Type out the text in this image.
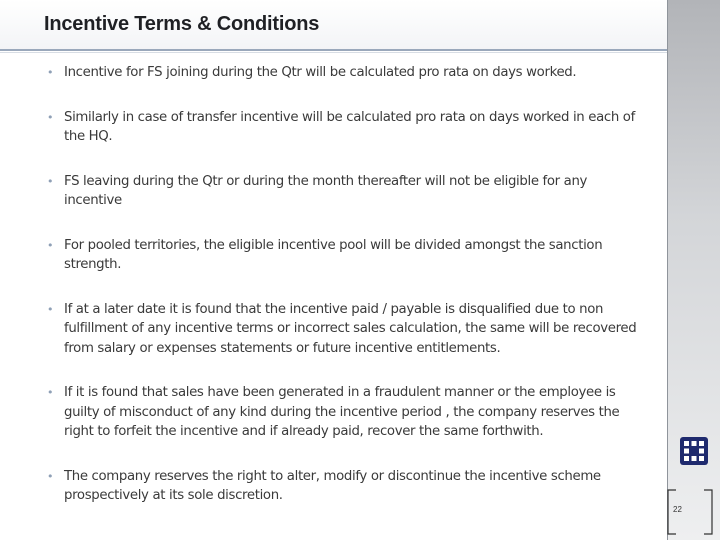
Incentive Terms & Conditions
• Incentive for FS joining during the Qtr will be calculated pro rata on days worked.
• Similarly in case of transfer incentive will be calculated pro rata on days worked in each of the HQ.
• FS leaving during the Qtr or during the month thereafter will not be eligible for any incentive
• For pooled territories, the eligible incentive pool will be divided amongst the sanction strength.
• If at a later date it is found that the incentive paid / payable is disqualified due to non fulfillment of any incentive terms or incorrect sales calculation, the same will be recovered from salary or expenses statements or future incentive entitlements.
• If it is found that sales have been generated in a fraudulent manner or the employee is guilty of misconduct of any kind during the incentive period , the company reserves the right to forfeit the incentive and if already paid, recover the same forthwith.
• The company reserves the right to alter, modify or discontinue the incentive scheme prospectively at its sole discretion.
22
